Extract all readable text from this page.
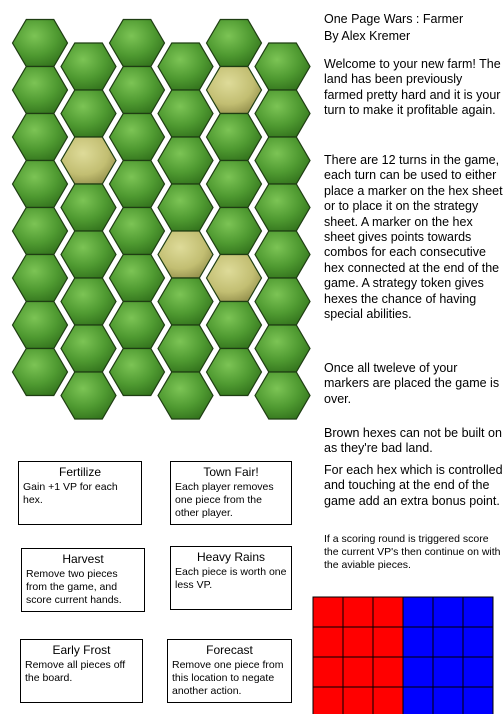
One Page Wars : Farmer
By Alex Kremer

Welcome to your new farm! The land has been previously farmed pretty hard and it is your turn to make it profitable again.

There are 12 turns in the game, each turn can be used to either place a marker on the hex sheet or to place it on the strategy sheet. A marker on the hex sheet gives points towards combos for each consecutive hex connected at the end of the game. A strategy token gives hexes the chance of having special abilities.

Once all tweleve of your markers are placed the game is over.

Brown hexes can not be built on as they're bad land.

For each hex which is controlled and touching at the end of the game add an extra bonus point.

If a scoring round is triggered score the current VP's then continue on with the aviable pieces.

Fertilize
Gain +1 VP for each hex.
Town Fair!
Each player removes one piece from the other player.
Harvest
Remove two pieces from the game, and score current hands.
Heavy Rains
Each piece is worth one less VP.
Early Frost
Remove all pieces off the board.
Forecast
Remove one piece from this location to negate another action.
